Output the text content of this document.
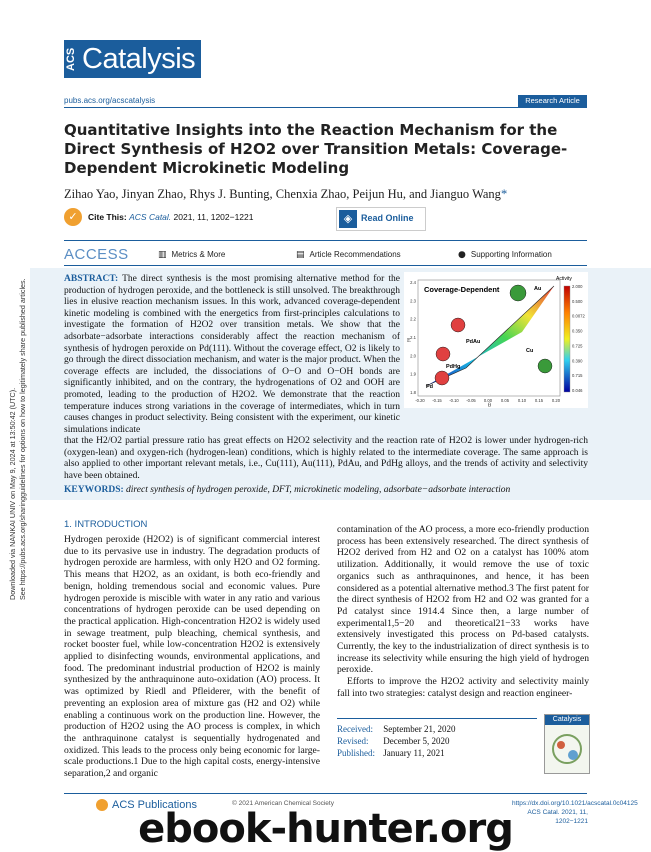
Downloaded via NANKAI UNIV on May 9, 2024 at 13:50:42 (UTC). See https://pubs.acs.org/sharingguidelines for options on how to legitimately share published articles.
ACS Catalysis
pubs.acs.org/acscatalysis	Research Article
Quantitative Insights into the Reaction Mechanism for the Direct Synthesis of H2O2 over Transition Metals: Coverage-Dependent Microkinetic Modeling
Zihao Yao, Jinyan Zhao, Rhys J. Bunting, Chenxia Zhao, Peijun Hu, and Jianguo Wang*
✓	Cite This: ACS Catal. 2021, 11, 1202−1221	◈ Read Online
ACCESS	▥ Metrics & More	▤ Article Recommendations	● Supporting Information
ABSTRACT: The direct synthesis is the most promising alternative method for the production of hydrogen peroxide, and the bottleneck is still unsolved. The breakthrough lies in elusive reaction mechanism issues. In this work, advanced coverage-dependent kinetic modeling is combined with the energetics from first-principles calculations to investigate the formation of H2O2 over transition metals. We show that the adsorbate−adsorbate interactions considerably affect the reaction mechanism of synthesis of hydrogen peroxide on Pd(111). Without the coverage effect, O2 is likely to go through the direct dissociation mechanism, and water is the major product. When the coverage effects are included, the dissociations of O−O and O−OH bonds are significantly inhibited, and on the contrary, the hydrogenations of O2 and OOH are promoted, leading to the production of H2O2. We demonstrate that the reaction temperature induces strong variations in the coverage of intermediates, which in turn causes changes in product selectivity. Being consistent with the experiment, our kinetic simulations indicate
that the H2/O2 partial pressure ratio has great effects on H2O2 selectivity and the reaction rate of H2O2 is lower under hydrogen-rich (oxygen-lean) and oxygen-rich (hydrogen-lean) conditions, which is highly related to the intermediate coverage. The same approach is also applied to other important relevant metals, i.e., Cu(111), Au(111), PdAu, and PdHg alloys, and the trends of activity and selectivity have been obtained.
KEYWORDS: direct synthesis of hydrogen peroxide, DFT, microkinetic modeling, adsorbate−adsorbate interaction
2.4
2.3
2.2
2.1
2.0
1.9
1.8
-0.20 -0.15 -0.10 -0.05 0.00 0.05 0.10 0.15 0.20
Coverage-Dependent
E
θ
Au
PdAu
Cu
PdHg
Pd
Activity
2.000
0.500
0.0072
0.350
0.725
0.390
0.715
0.046
1. INTRODUCTION

Hydrogen peroxide (H2O2) is of significant commercial interest due to its pervasive use in industry. The degradation products of hydrogen peroxide are harmless, with only H2O and O2 forming. This means that H2O2, as an oxidant, is both eco-friendly and benign, holding tremendous social and economic values. Pure hydrogen peroxide is miscible with water in any ratio and various concentrations of hydrogen peroxide can be used depending on the practical application. High-concentration H2O2 is widely used in sewage treatment, pulp bleaching, chemical synthesis, and rocket booster fuel, while low-concentration H2O2 is extensively applied to disinfecting wounds, environmental applications, and food. The predominant industrial production of H2O2 is mainly synthesized by the anthraquinone auto-oxidation (AO) process. It was optimized by Riedl and Pfleiderer, with the benefit of preventing an explosion area of mixture gas (H2 and O2) while enabling a continuous work on the production line. However, the production of H2O2 using the AO process is complex, in which the anthraquinone catalyst is sequentially hydrogenated and oxidized. This leads to the process only being economic for large-scale productions.1 Due to the high capital costs, energy-intensive separation,2 and organic

contamination of the AO process, a more eco-friendly production process has been extensively researched. The direct synthesis of H2O2 derived from H2 and O2 on a catalyst has 100% atom utilization. Additionally, it would remove the use of toxic organics such as anthraquinones, and hence, it has been considered as a potential alternative method.3 The first patent for the direct synthesis of H2O2 from H2 and O2 was granted for a Pd catalyst since 1914.4 Since then, a large number of experimental1,5−20 and theoretical21−33 works have extensively investigated this process on Pd-based catalysts. Currently, the key to the industrialization of direct synthesis is to increase its selectivity while ensuring the high yield of hydrogen peroxide.

Efforts to improve the H2O2 activity and selectivity mainly fall into two strategies: catalyst design and reaction engineer-

Received: September 21, 2020
Revised: December 5, 2020
Published: January 11, 2021
Catalysis
ACS Publications	© 2021 American Chemical Society	https://dx.doi.org/10.1021/acscatal.0c04125
ACS Catal. 2021, 11, 1202−1221
ebook-hunter.org
